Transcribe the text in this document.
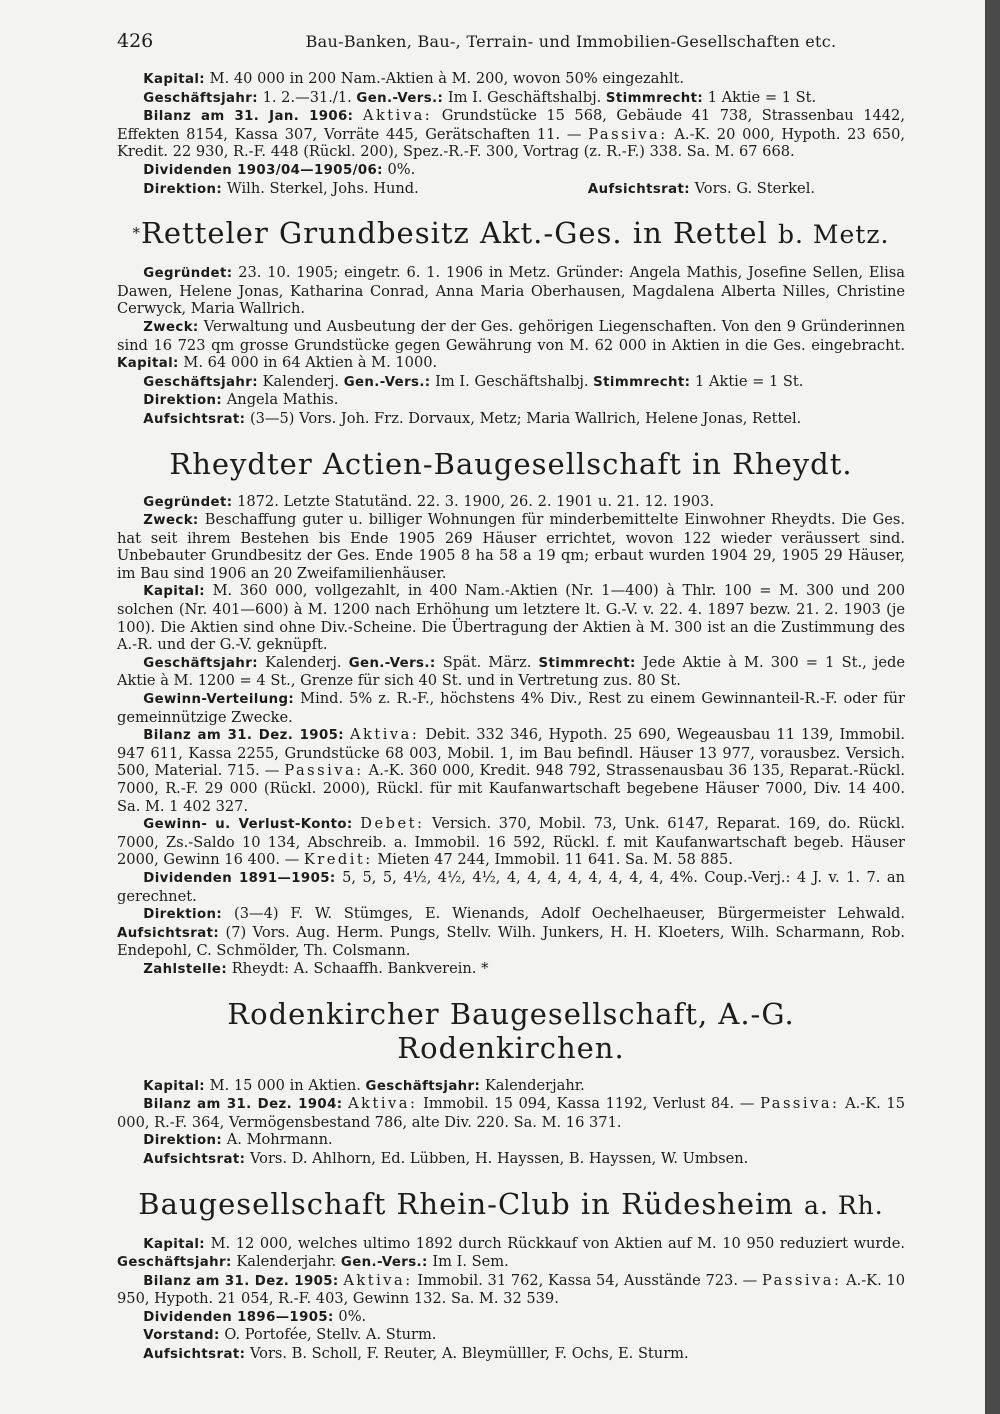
426	Bau-Banken, Bau-, Terrain- und Immobilien-Gesellschaften etc.

Kapital: M. 40 000 in 200 Nam.-Aktien à M. 200, wovon 50% eingezahlt.

Geschäftsjahr: 1. 2.—31./1. Gen.-Vers.: Im I. Geschäftshalbj. Stimmrecht: 1 Aktie = 1 St.

Bilanz am 31. Jan. 1906: Aktiva: Grundstücke 15 568, Gebäude 41 738, Strassenbau 1442, Effekten 8154, Kassa 307, Vorräte 445, Gerätschaften 11. — Passiva: A.-K. 20 000, Hypoth. 23 650, Kredit. 22 930, R.-F. 448 (Rückl. 200), Spez.-R.-F. 300, Vortrag (z. R.-F.) 338. Sa. M. 67 668.

Dividenden 1903/04—1905/06: 0%.

Direktion: Wilh. Sterkel, Johs. Hund.	Aufsichtsrat: Vors. G. Sterkel.

*Retteler Grundbesitz Akt.-Ges. in Rettel b. Metz.

Gegründet: 23. 10. 1905; eingetr. 6. 1. 1906 in Metz. Gründer: Angela Mathis, Josefine Sellen, Elisa Dawen, Helene Jonas, Katharina Conrad, Anna Maria Oberhausen, Magdalena Alberta Nilles, Christine Cerwyck, Maria Wallrich.

Zweck: Verwaltung und Ausbeutung der der Ges. gehörigen Liegenschaften. Von den 9 Gründerinnen sind 16 723 qm grosse Grundstücke gegen Gewährung von M. 62 000 in Aktien in die Ges. eingebracht. Kapital: M. 64 000 in 64 Aktien à M. 1000.

Geschäftsjahr: Kalenderj. Gen.-Vers.: Im I. Geschäftshalbj. Stimmrecht: 1 Aktie = 1 St.

Direktion: Angela Mathis.

Aufsichtsrat: (3—5) Vors. Joh. Frz. Dorvaux, Metz; Maria Wallrich, Helene Jonas, Rettel.

Rheydter Actien-Baugesellschaft in Rheydt.

Gegründet: 1872. Letzte Statutänd. 22. 3. 1900, 26. 2. 1901 u. 21. 12. 1903.

Zweck: Beschaffung guter u. billiger Wohnungen für minderbemittelte Einwohner Rheydts. Die Ges. hat seit ihrem Bestehen bis Ende 1905 269 Häuser errichtet, wovon 122 wieder veräussert sind. Unbebauter Grundbesitz der Ges. Ende 1905 8 ha 58 a 19 qm; erbaut wurden 1904 29, 1905 29 Häuser, im Bau sind 1906 an 20 Zweifamilienhäuser.

Kapital: M. 360 000, vollgezahlt, in 400 Nam.-Aktien (Nr. 1—400) à Thlr. 100 = M. 300 und 200 solchen (Nr. 401—600) à M. 1200 nach Erhöhung um letztere lt. G.-V. v. 22. 4. 1897 bezw. 21. 2. 1903 (je 100). Die Aktien sind ohne Div.-Scheine. Die Übertragung der Aktien à M. 300 ist an die Zustimmung des A.-R. und der G.-V. geknüpft.

Geschäftsjahr: Kalenderj. Gen.-Vers.: Spät. März. Stimmrecht: Jede Aktie à M. 300 = 1 St., jede Aktie à M. 1200 = 4 St., Grenze für sich 40 St. und in Vertretung zus. 80 St.

Gewinn-Verteilung: Mind. 5% z. R.-F., höchstens 4% Div., Rest zu einem Gewinnanteil-R.-F. oder für gemeinnützige Zwecke.

Bilanz am 31. Dez. 1905: Aktiva: Debit. 332 346, Hypoth. 25 690, Wegeausbau 11 139, Immobil. 947 611, Kassa 2255, Grundstücke 68 003, Mobil. 1, im Bau befindl. Häuser 13 977, vorausbez. Versich. 500, Material. 715. — Passiva: A.-K. 360 000, Kredit. 948 792, Strassenausbau 36 135, Reparat.-Rückl. 7000, R.-F. 29 000 (Rückl. 2000), Rückl. für mit Kaufanwartschaft begebene Häuser 7000, Div. 14 400. Sa. M. 1 402 327.

Gewinn- u. Verlust-Konto: Debet: Versich. 370, Mobil. 73, Unk. 6147, Reparat. 169, do. Rückl. 7000, Zs.-Saldo 10 134, Abschreib. a. Immobil. 16 592, Rückl. f. mit Kaufanwartschaft begeb. Häuser 2000, Gewinn 16 400. — Kredit: Mieten 47 244, Immobil. 11 641. Sa. M. 58 885.

Dividenden 1891—1905: 5, 5, 5, 4½, 4½, 4½, 4, 4, 4, 4, 4, 4, 4, 4, 4%. Coup.-Verj.: 4 J. v. 1. 7. an gerechnet.

Direktion: (3—4) F. W. Stümges, E. Wienands, Adolf Oechelhaeuser, Bürgermeister Lehwald. Aufsichtsrat: (7) Vors. Aug. Herm. Pungs, Stellv. Wilh. Junkers, H. H. Kloeters, Wilh. Scharmann, Rob. Endepohl, C. Schmölder, Th. Colsmann.

Zahlstelle: Rheydt: A. Schaaffh. Bankverein. *

Rodenkircher Baugesellschaft, A.-G. Rodenkirchen.

Kapital: M. 15 000 in Aktien. Geschäftsjahr: Kalenderjahr.

Bilanz am 31. Dez. 1904: Aktiva: Immobil. 15 094, Kassa 1192, Verlust 84. — Passiva: A.-K. 15 000, R.-F. 364, Vermögensbestand 786, alte Div. 220. Sa. M. 16 371.

Direktion: A. Mohrmann.

Aufsichtsrat: Vors. D. Ahlhorn, Ed. Lübben, H. Hayssen, B. Hayssen, W. Umbsen.

Baugesellschaft Rhein-Club in Rüdesheim a. Rh.

Kapital: M. 12 000, welches ultimo 1892 durch Rückkauf von Aktien auf M. 10 950 reduziert wurde. Geschäftsjahr: Kalenderjahr. Gen.-Vers.: Im I. Sem.

Bilanz am 31. Dez. 1905: Aktiva: Immobil. 31 762, Kassa 54, Ausstände 723. — Passiva: A.-K. 10 950, Hypoth. 21 054, R.-F. 403, Gewinn 132. Sa. M. 32 539.

Dividenden 1896—1905: 0%.

Vorstand: O. Portofée, Stellv. A. Sturm.

Aufsichtsrat: Vors. B. Scholl, F. Reuter, A. Bleymülller, F. Ochs, E. Sturm.
